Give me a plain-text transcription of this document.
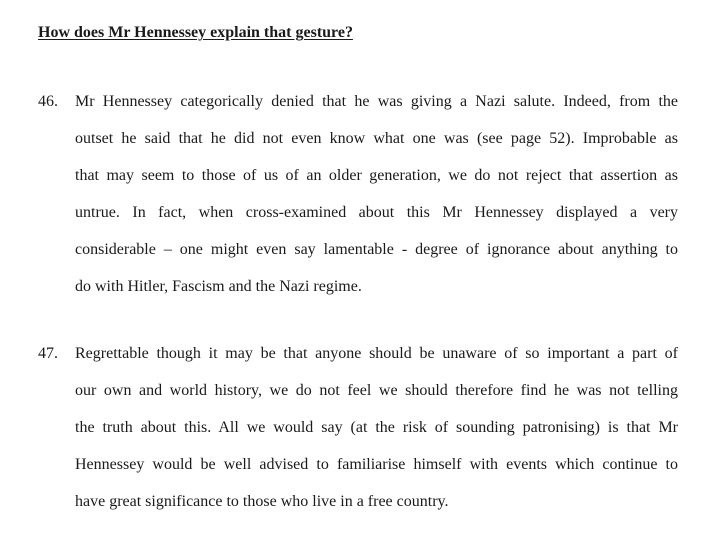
How does Mr Hennessey explain that gesture?
46. Mr Hennessey categorically denied that he was giving a Nazi salute. Indeed, from the
outset he said that he did not even know what one was (see page 52). Improbable as
that may seem to those of us of an older generation, we do not reject that assertion as
untrue. In fact, when cross-examined about this Mr Hennessey displayed a very
considerable – one might even say lamentable - degree of ignorance about anything to
do with Hitler, Fascism and the Nazi regime.
47. Regrettable though it may be that anyone should be unaware of so important a part of
our own and world history, we do not feel we should therefore find he was not telling
the truth about this. All we would say (at the risk of sounding patronising) is that Mr
Hennessey would be well advised to familiarise himself with events which continue to
have great significance to those who live in a free country.
